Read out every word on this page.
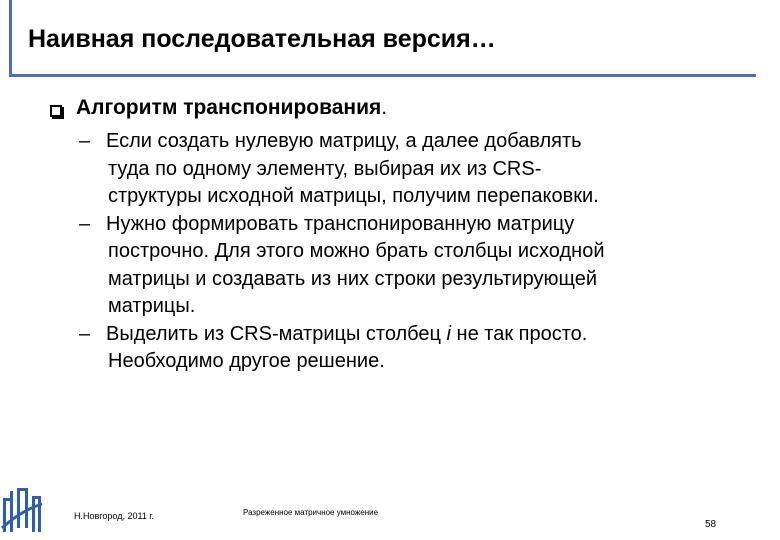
Наивная последовательная версия…
Алгоритм транспонирования.
– Если создать нулевую матрицу, а далее добавлять
туда по одному элементу, выбирая их из CRS-
структуры исходной матрицы, получим перепаковки.
– Нужно формировать транспонированную матрицу
построчно. Для этого можно брать столбцы исходной
матрицы и создавать из них строки результирующей
матрицы.
– Выделить из CRS-матрицы столбец i не так просто.
Необходимо другое решение.
Н.Новгород, 2011 г.	Разреженное матричное умножение
58
